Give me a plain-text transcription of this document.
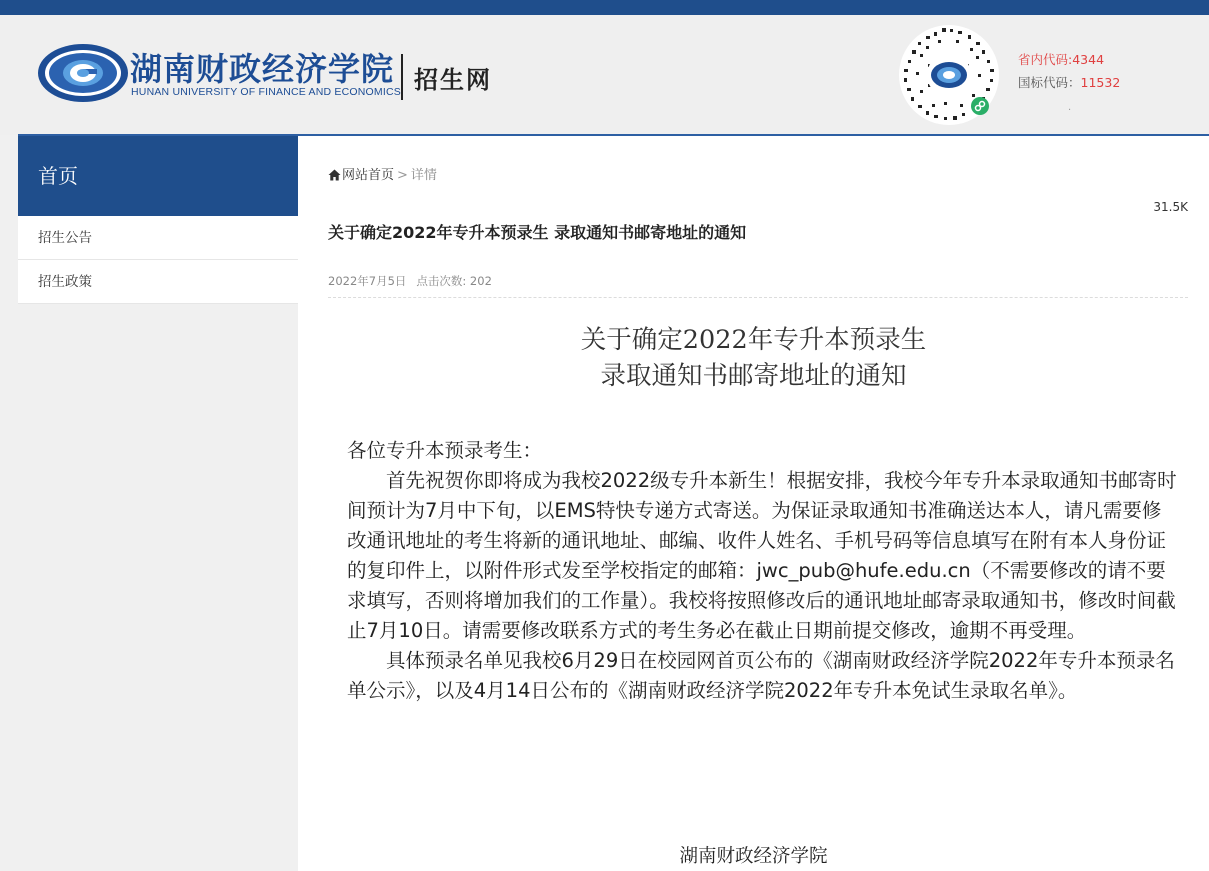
湖南财政经济学院
HUNAN UNIVERSITY OF FINANCE AND ECONOMICS 招生网
省内代码:4344
国标代码：11532
.
首页
招生公告
招生政策
网站首页 > 详情
31.5K
关于确定2022年专升本预录生 录取通知书邮寄地址的通知
2022年7月5日 点击次数: 202
关于确定2022年专升本预录生
录取通知书邮寄地址的通知

各位专升本预录考生：

首先祝贺你即将成为我校2022级专升本新生！根据安排，我校今年专升本录取通知书邮寄时间预计为7月中下旬，以EMS特快专递方式寄送。为保证录取通知书准确送达本人，请凡需要修改通讯地址的考生将新的通讯地址、邮编、收件人姓名、手机号码等信息填写在附有本人身份证的复印件上，以附件形式发至学校指定的邮箱：jwc_pub@hufe.edu.cn（不需要修改的请不要求填写，否则将增加我们的工作量）。我校将按照修改后的通讯地址邮寄录取通知书，修改时间截止7月10日。请需要修改联系方式的考生务必在截止日期前提交修改，逾期不再受理。

具体预录名单见我校6月29日在校园网首页公布的《湖南财政经济学院2022年专升本预录名单公示》，以及4月14日公布的《湖南财政经济学院2022年专升本免试生录取名单》。

湖南财政经济学院
